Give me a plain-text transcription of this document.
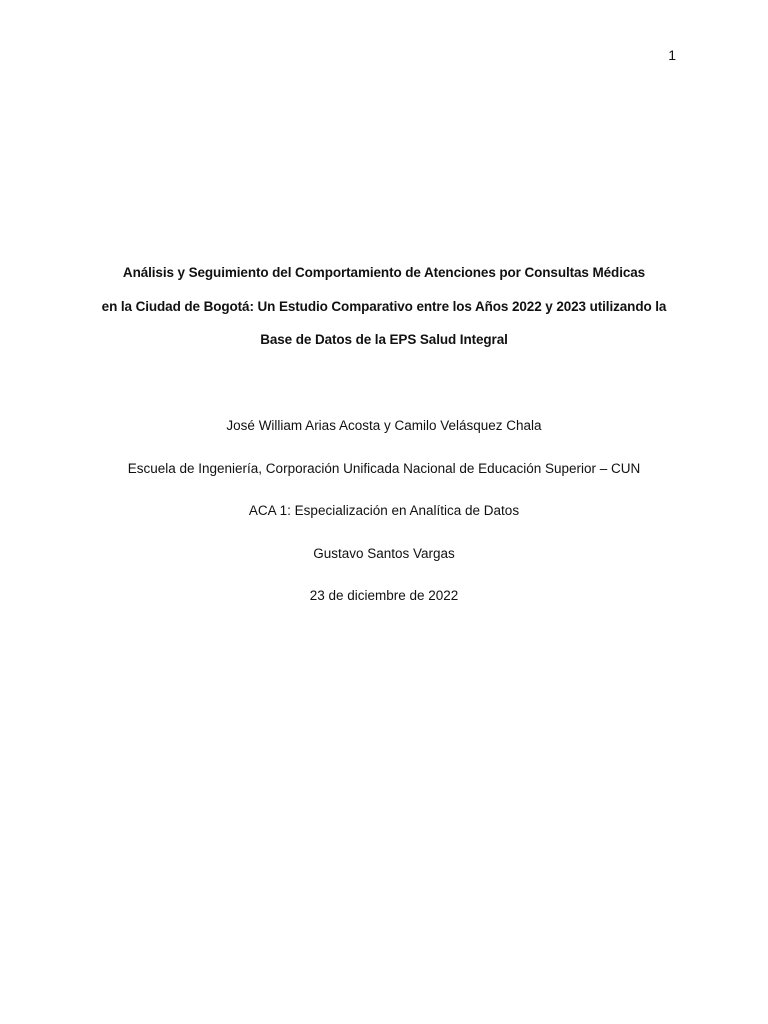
1
Análisis y Seguimiento del Comportamiento de Atenciones por Consultas Médicas
en la Ciudad de Bogotá: Un Estudio Comparativo entre los Años 2022 y 2023 utilizando la
Base de Datos de la EPS Salud Integral
José William Arias Acosta y Camilo Velásquez Chala
Escuela de Ingeniería, Corporación Unificada Nacional de Educación Superior – CUN
ACA 1: Especialización en Analítica de Datos
Gustavo Santos Vargas
23 de diciembre de 2022
